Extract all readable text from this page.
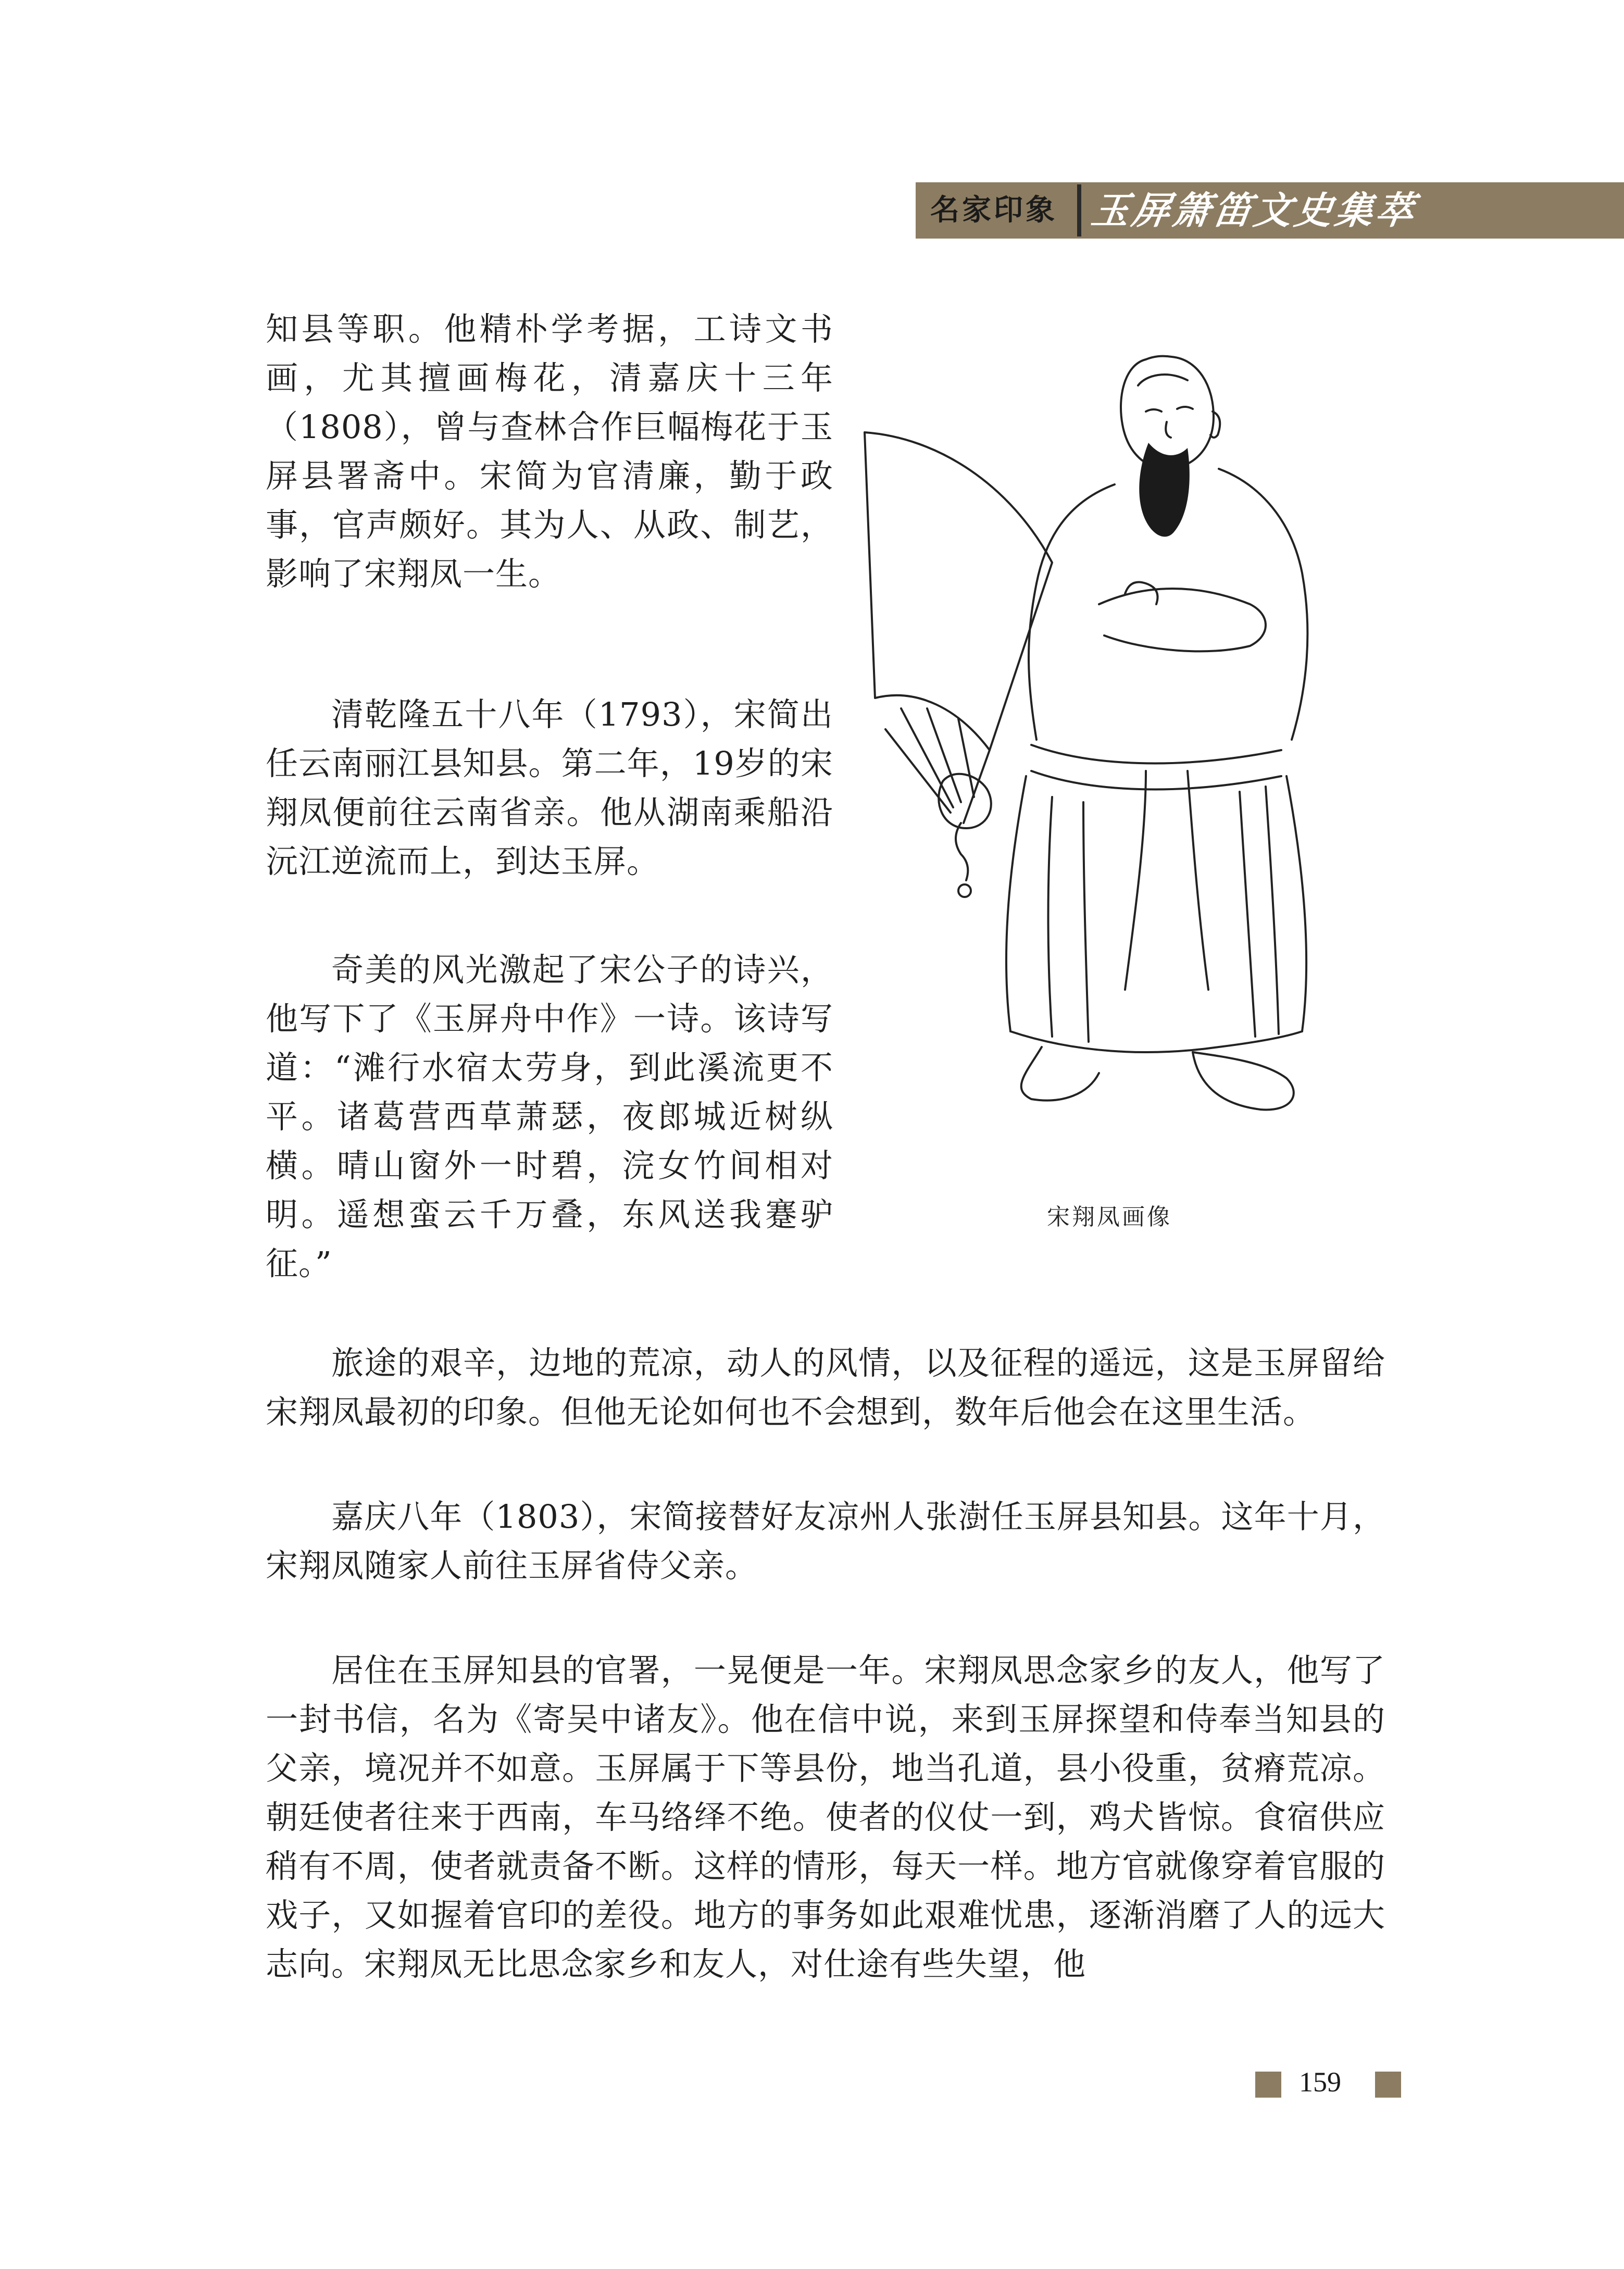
名家印象 玉屏箫笛文史集萃

知县等职。他精朴学考据，工诗文书画，尤其擅画梅花，清嘉庆十三年（1808），曾与查林合作巨幅梅花于玉屏县署斋中。宋简为官清廉，勤于政事，官声颇好。其为人、从政、制艺，影响了宋翔凤一生。

清乾隆五十八年（1793），宋简出任云南丽江县知县。第二年，19岁的宋翔凤便前往云南省亲。他从湖南乘船沿沅江逆流而上，到达玉屏。

奇美的风光激起了宋公子的诗兴，他写下了《玉屏舟中作》一诗。该诗写道：“滩行水宿太劳身，到此溪流更不平。诸葛营西草萧瑟，夜郎城近树纵横。晴山窗外一时碧，浣女竹间相对明。遥想蛮云千万叠，东风送我蹇驴征。”

旅途的艰辛，边地的荒凉，动人的风情，以及征程的遥远，这是玉屏留给宋翔凤最初的印象。但他无论如何也不会想到，数年后他会在这里生活。

嘉庆八年（1803），宋简接替好友凉州人张澍任玉屏县知县。这年十月，宋翔凤随家人前往玉屏省侍父亲。

居住在玉屏知县的官署，一晃便是一年。宋翔凤思念家乡的友人，他写了一封书信，名为《寄吴中诸友》。他在信中说，来到玉屏探望和侍奉当知县的父亲，境况并不如意。玉屏属于下等县份，地当孔道，县小役重，贫瘠荒凉。朝廷使者往来于西南，车马络绎不绝。使者的仪仗一到，鸡犬皆惊。食宿供应稍有不周，使者就责备不断。这样的情形，每天一样。地方官就像穿着官服的戏子，又如握着官印的差役。地方的事务如此艰难忧患，逐渐消磨了人的远大志向。宋翔凤无比思念家乡和友人，对仕途有些失望，他

宋翔凤画像
159
